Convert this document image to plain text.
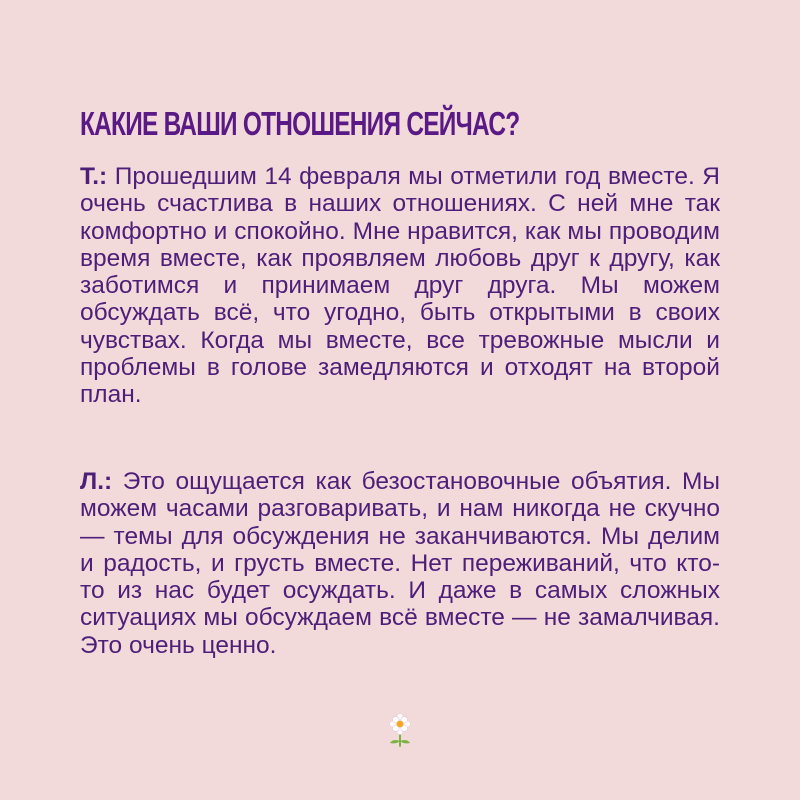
КАКИЕ ВАШИ ОТНОШЕНИЯ СЕЙЧАС?

Т.: Прошедшим 14 февраля мы отметили год вместе. Я очень счастлива в наших отношениях. С ней мне так комфортно и спокойно. Мне нравится, как мы проводим время вместе, как проявляем любовь друг к другу, как заботимся и принимаем друг друга. Мы можем обсуждать всё, что угодно, быть открытыми в своих чувствах. Когда мы вместе, все тревожные мысли и проблемы в голове замедляются и отходят на второй план.

Л.: Это ощущается как безостановочные объятия. Мы можем часами разговаривать, и нам никогда не скучно — темы для обсуждения не заканчиваются. Мы делим и радость, и грусть вместе. Нет переживаний, что кто-то из нас будет осуждать. И даже в самых сложных ситуациях мы обсуждаем всё вместе — не замалчивая. Это очень ценно.
